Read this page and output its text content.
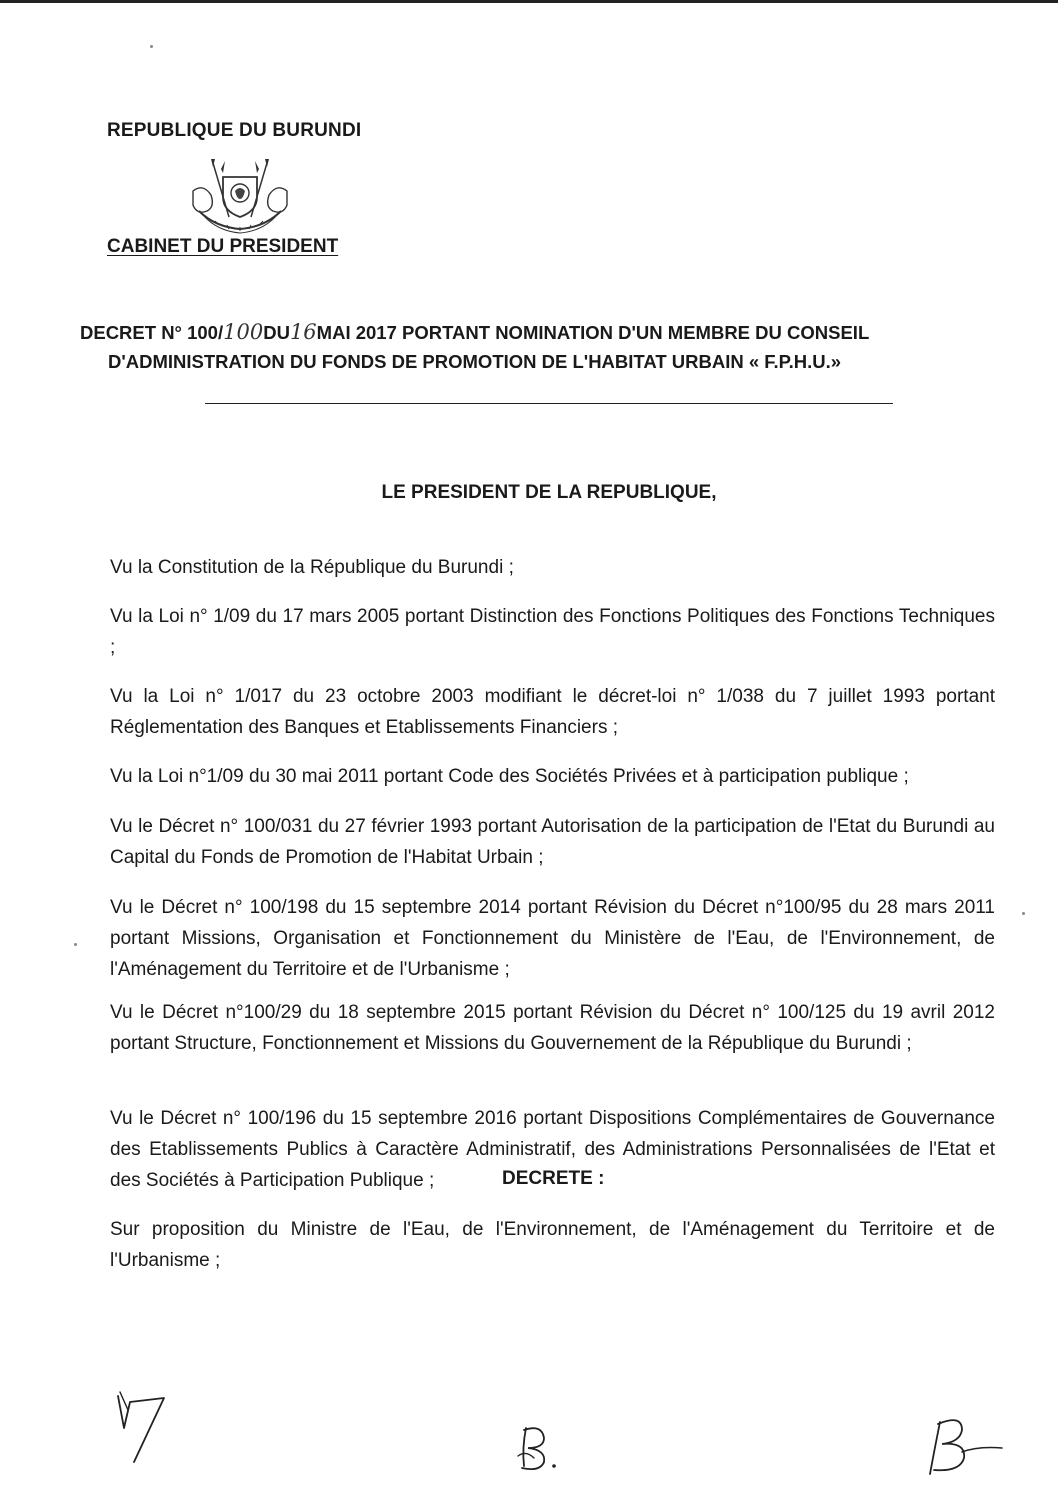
REPUBLIQUE DU BURUNDI
CABINET DU PRESIDENT
DECRET N° 100/100DU16MAI 2017 PORTANT NOMINATION D'UN MEMBRE DU CONSEIL
D'ADMINISTRATION DU FONDS DE PROMOTION DE L'HABITAT URBAIN « F.P.H.U.»
LE PRESIDENT DE LA REPUBLIQUE,

Vu la Constitution de la République du Burundi ;

Vu la Loi n° 1/09 du 17 mars 2005 portant Distinction des Fonctions Politiques des Fonctions Techniques ;

Vu la Loi n° 1/017 du 23 octobre 2003 modifiant le décret-loi n° 1/038 du 7 juillet 1993 portant Réglementation des Banques et Etablissements Financiers ;

Vu la Loi n°1/09 du 30 mai 2011 portant Code des Sociétés Privées et à participation publique ;

Vu le Décret n° 100/031 du 27 février 1993 portant Autorisation de la participation de l'Etat du Burundi au Capital du Fonds de Promotion de l'Habitat Urbain ;

Vu le Décret n° 100/198 du 15 septembre 2014 portant Révision du Décret n°100/95 du 28 mars 2011 portant Missions, Organisation et Fonctionnement du Ministère de l'Eau, de l'Environnement, de l'Aménagement du Territoire et de l'Urbanisme ;

Vu le Décret n°100/29 du 18 septembre 2015 portant Révision du Décret n° 100/125 du 19 avril 2012 portant Structure, Fonctionnement et Missions du Gouvernement de la République du Burundi ;

Vu le Décret n° 100/196 du 15 septembre 2016 portant Dispositions Complémentaires de Gouvernance des Etablissements Publics à Caractère Administratif, des Administrations Personnalisées de l'Etat et des Sociétés à Participation Publique ;

Sur proposition du Ministre de l'Eau, de l'Environnement, de l'Aménagement du Territoire et de l'Urbanisme ;

DECRETE :
